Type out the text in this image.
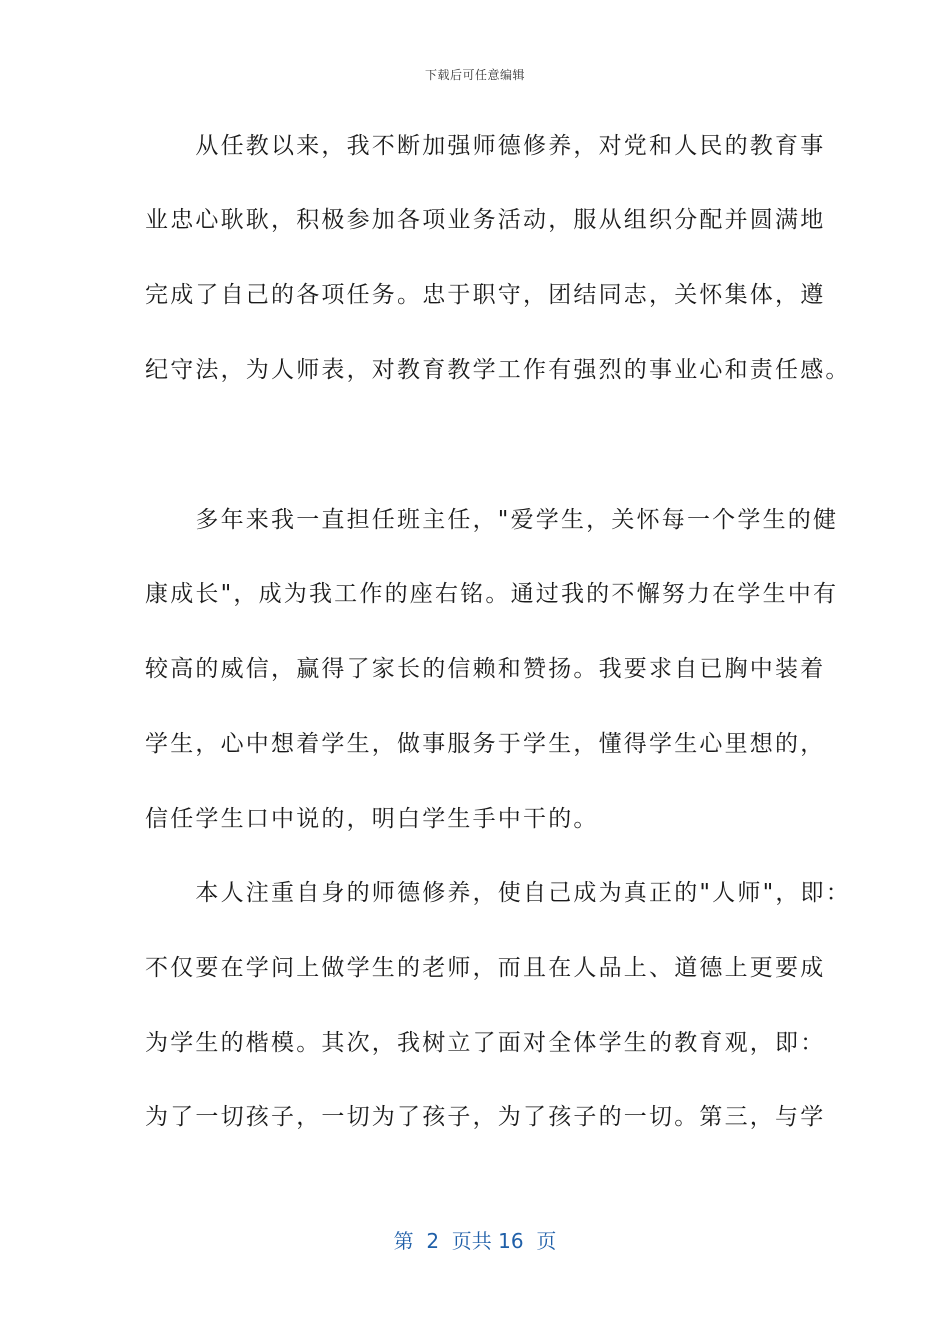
下载后可任意编辑
　　从任教以来，我不断加强师德修养，对党和人民的教育事
业忠心耿耿，积极参加各项业务活动，服从组织分配并圆满地
完成了自己的各项任务。忠于职守，团结同志，关怀集体，遵
纪守法，为人师表，对教育教学工作有强烈的事业心和责任感。
　　多年来我一直担任班主任，"爱学生，关怀每一个学生的健
康成长"，成为我工作的座右铭。通过我的不懈努力在学生中有
较高的威信，赢得了家长的信赖和赞扬。我要求自已胸中装着
学生，心中想着学生，做事服务于学生，懂得学生心里想的，
信任学生口中说的，明白学生手中干的。
　　本人注重自身的师德修养，使自己成为真正的"人师"，即：
不仅要在学问上做学生的老师，而且在人品上、道德上更要成
为学生的楷模。其次，我树立了面对全体学生的教育观，即：
为了一切孩子，一切为了孩子，为了孩子的一切。第三，与学
第  2  页共 16  页
